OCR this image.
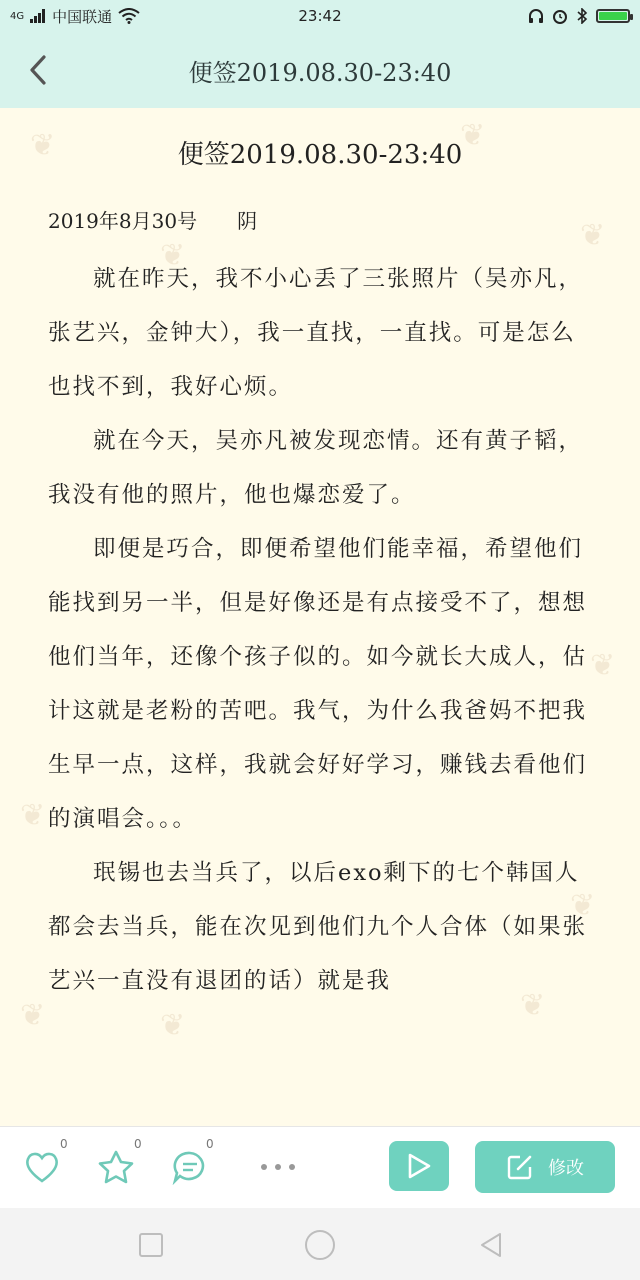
4G 中国联通	23:42
便签2019.08.30-23:40
❦	❦
❦
❦
❦
❦
❦
❦	❦
❦
便签2019.08.30-23:40
2019年8月30号　　阴

就在昨天，我不小心丢了三张照片（吴亦凡，张艺兴，金钟大），我一直找，一直找。可是怎么也找不到，我好心烦。

就在今天，吴亦凡被发现恋情。还有黄子韬，我没有他的照片，他也爆恋爱了。

即便是巧合，即便希望他们能幸福，希望他们能找到另一半，但是好像还是有点接受不了，想想他们当年，还像个孩子似的。如今就长大成人，估计这就是老粉的苦吧。我气，为什么我爸妈不把我生早一点，这样，我就会好好学习，赚钱去看他们的演唱会。。。

珉锡也去当兵了，以后exo剩下的七个韩国人都会去当兵，能在次见到他们九个人合体（如果张艺兴一直没有退团的话）就是我

0	0	0
修改
